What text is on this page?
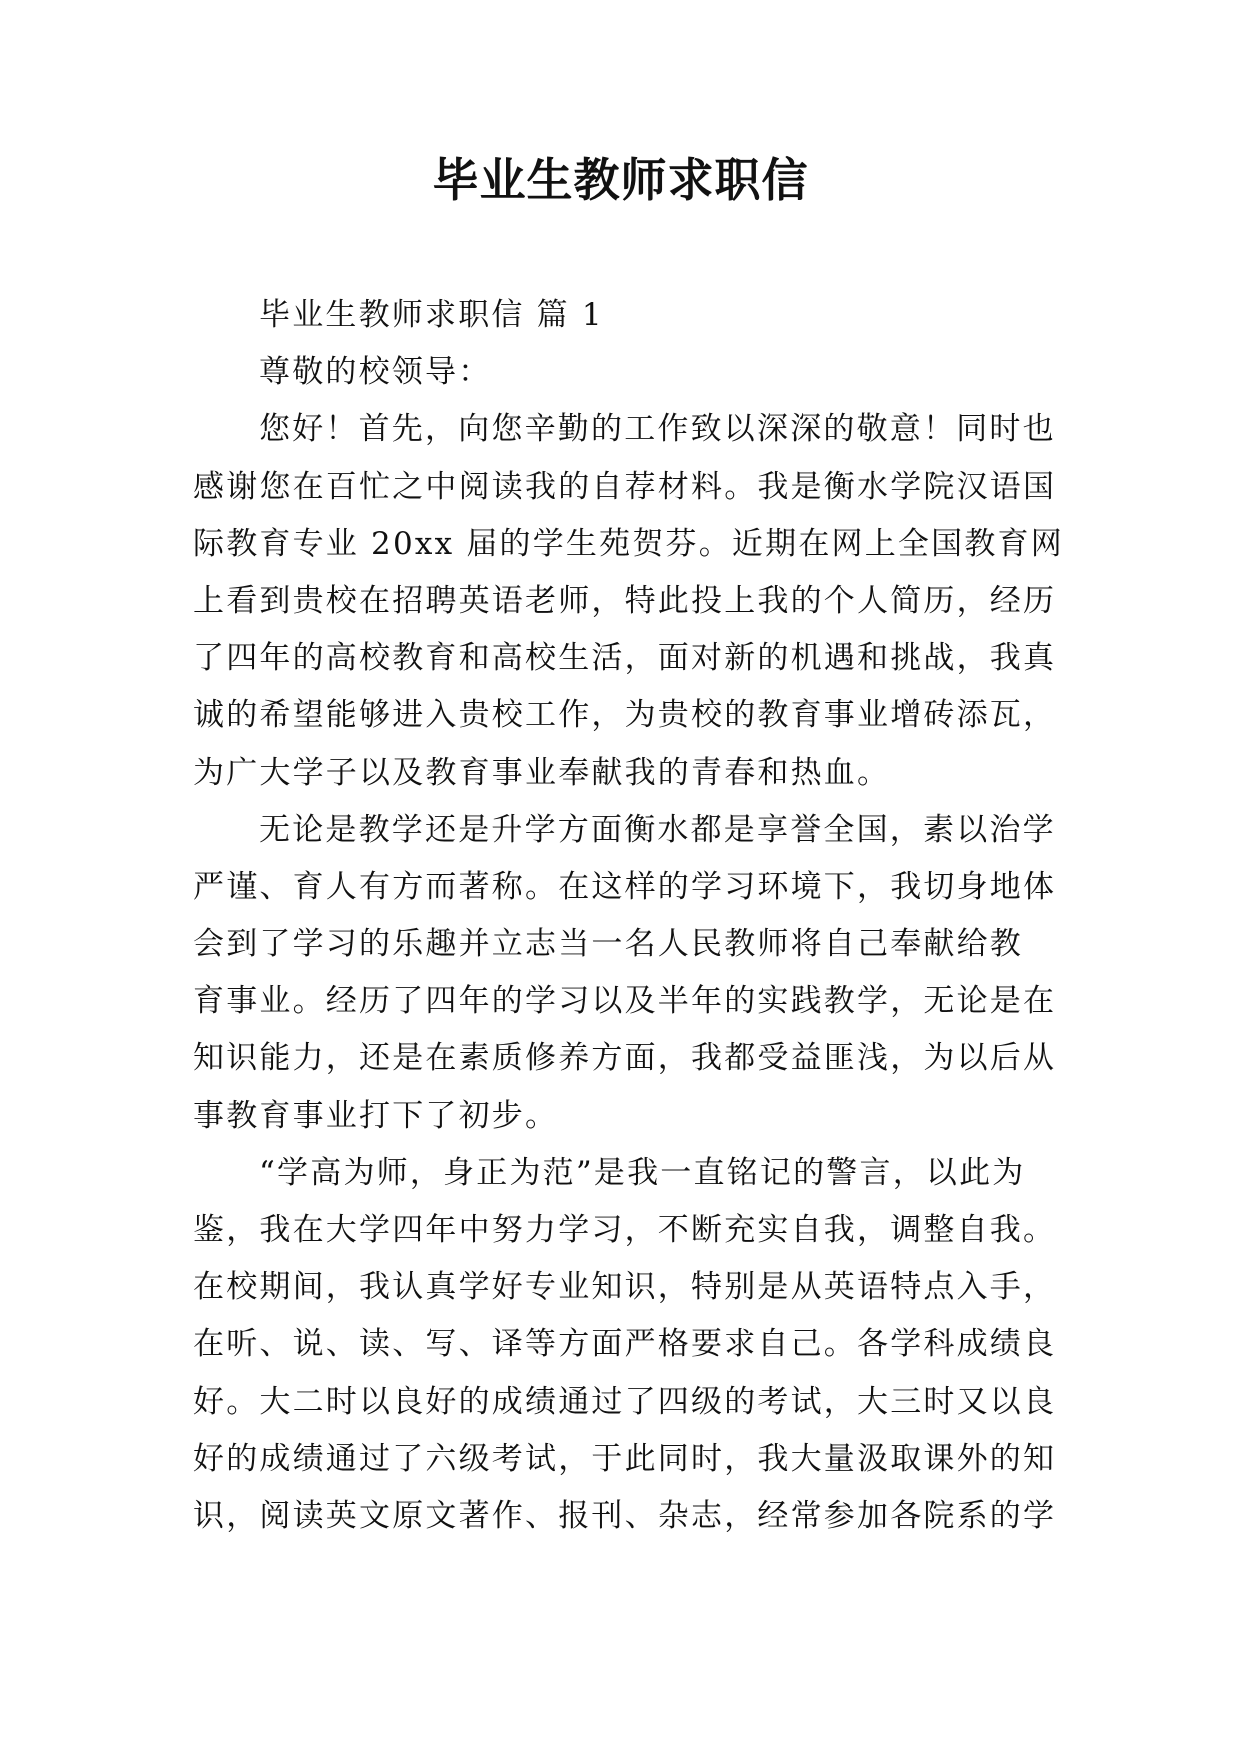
毕业生教师求职信
毕业生教师求职信 篇 1
尊敬的校领导：
您好！首先，向您辛勤的工作致以深深的敬意！同时也
感谢您在百忙之中阅读我的自荐材料。我是衡水学院汉语国
际教育专业 20xx 届的学生苑贺芬。近期在网上全国教育网
上看到贵校在招聘英语老师，特此投上我的个人简历，经历
了四年的高校教育和高校生活，面对新的机遇和挑战，我真
诚的希望能够进入贵校工作，为贵校的教育事业增砖添瓦，
为广大学子以及教育事业奉献我的青春和热血。
无论是教学还是升学方面衡水都是享誉全国，素以治学
严谨、育人有方而著称。在这样的学习环境下，我切身地体
会到了学习的乐趣并立志当一名人民教师将自己奉献给教
育事业。经历了四年的学习以及半年的实践教学，无论是在
知识能力，还是在素质修养方面，我都受益匪浅，为以后从
事教育事业打下了初步。
“学高为师，身正为范”是我一直铭记的警言，以此为
鉴，我在大学四年中努力学习，不断充实自我，调整自我。
在校期间，我认真学好专业知识，特别是从英语特点入手，
在听、说、读、写、译等方面严格要求自己。各学科成绩良
好。大二时以良好的成绩通过了四级的考试，大三时又以良
好的成绩通过了六级考试，于此同时，我大量汲取课外的知
识，阅读英文原文著作、报刊、杂志，经常参加各院系的学
